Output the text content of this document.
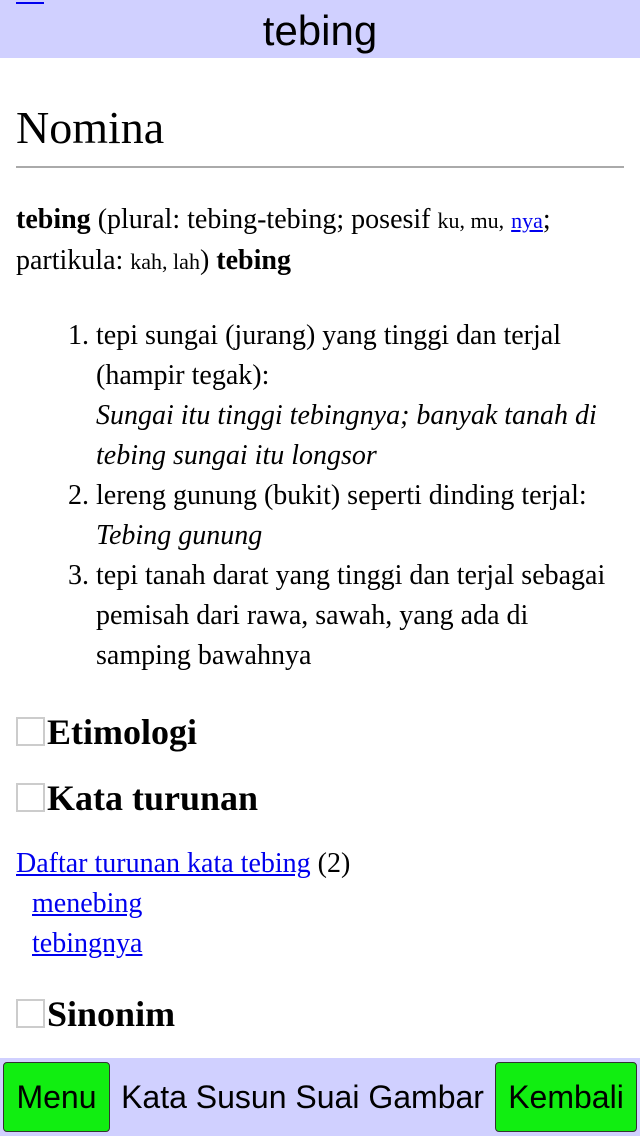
tebing
Nomina
tebing (plural: tebing-tebing; posesif ku, mu, nya; partikula: kah, lah) tebing
1. tepi sungai (jurang) yang tinggi dan terjal (hampir tegak):
Sungai itu tinggi tebingnya; banyak tanah di tebing sungai itu longsor
2. lereng gunung (bukit) seperti dinding terjal:
Tebing gunung
3. tepi tanah darat yang tinggi dan terjal sebagai pemisah dari rawa, sawah, yang ada di samping bawahnya
Etimologi
Kata turunan
Daftar turunan kata tebing (2)
menebing
tebingnya
Sinonim
Menu Kata Susun Suai Gambar Kembali
